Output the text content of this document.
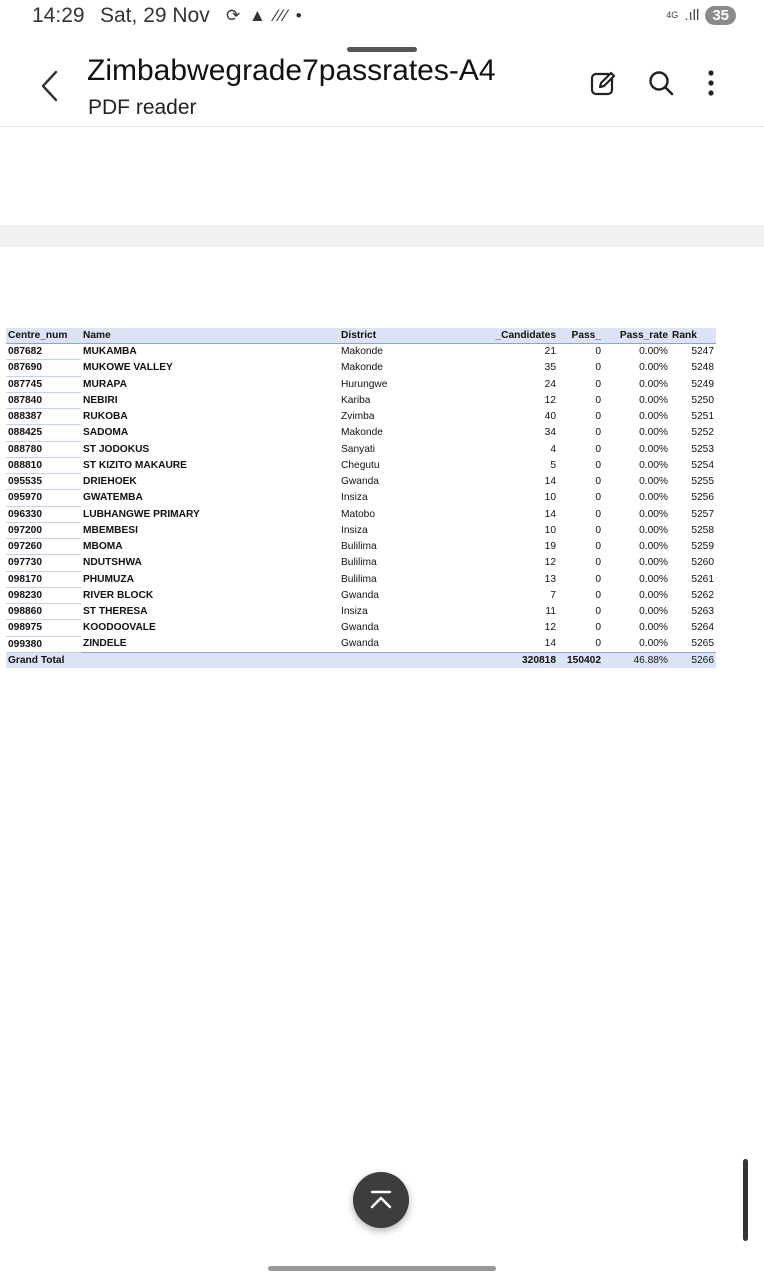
14:29 Sat, 29 Nov ⟳ ▲ ⁄⁄⁄ •	4G .ıll 35
Zimbabwegrade7passrates-A4
PDF reader
Centre_num	Name	District	_Candidates	Pass_	Pass_rate	Rank
087682	MUKAMBA	Makonde	21	0	0.00%	5247
087690	MUKOWE VALLEY	Makonde	35	0	0.00%	5248
087745	MURAPA	Hurungwe	24	0	0.00%	5249
087840	NEBIRI	Kariba	12	0	0.00%	5250
088387	RUKOBA	Zvimba	40	0	0.00%	5251
088425	SADOMA	Makonde	34	0	0.00%	5252
088780	ST JODOKUS	Sanyati	4	0	0.00%	5253
088810	ST KIZITO MAKAURE	Chegutu	5	0	0.00%	5254
095535	DRIEHOEK	Gwanda	14	0	0.00%	5255
095970	GWATEMBA	Insiza	10	0	0.00%	5256
096330	LUBHANGWE PRIMARY	Matobo	14	0	0.00%	5257
097200	MBEMBESI	Insiza	10	0	0.00%	5258
097260	MBOMA	Bulilima	19	0	0.00%	5259
097730	NDUTSHWA	Bulilima	12	0	0.00%	5260
098170	PHUMUZA	Bulilima	13	0	0.00%	5261
098230	RIVER BLOCK	Gwanda	7	0	0.00%	5262
098860	ST THERESA	Insiza	11	0	0.00%	5263
098975	KOODOOVALE	Gwanda	12	0	0.00%	5264
099380	ZINDELE	Gwanda	14	0	0.00%	5265
Grand Total			320818	150402	46.88%	5266
